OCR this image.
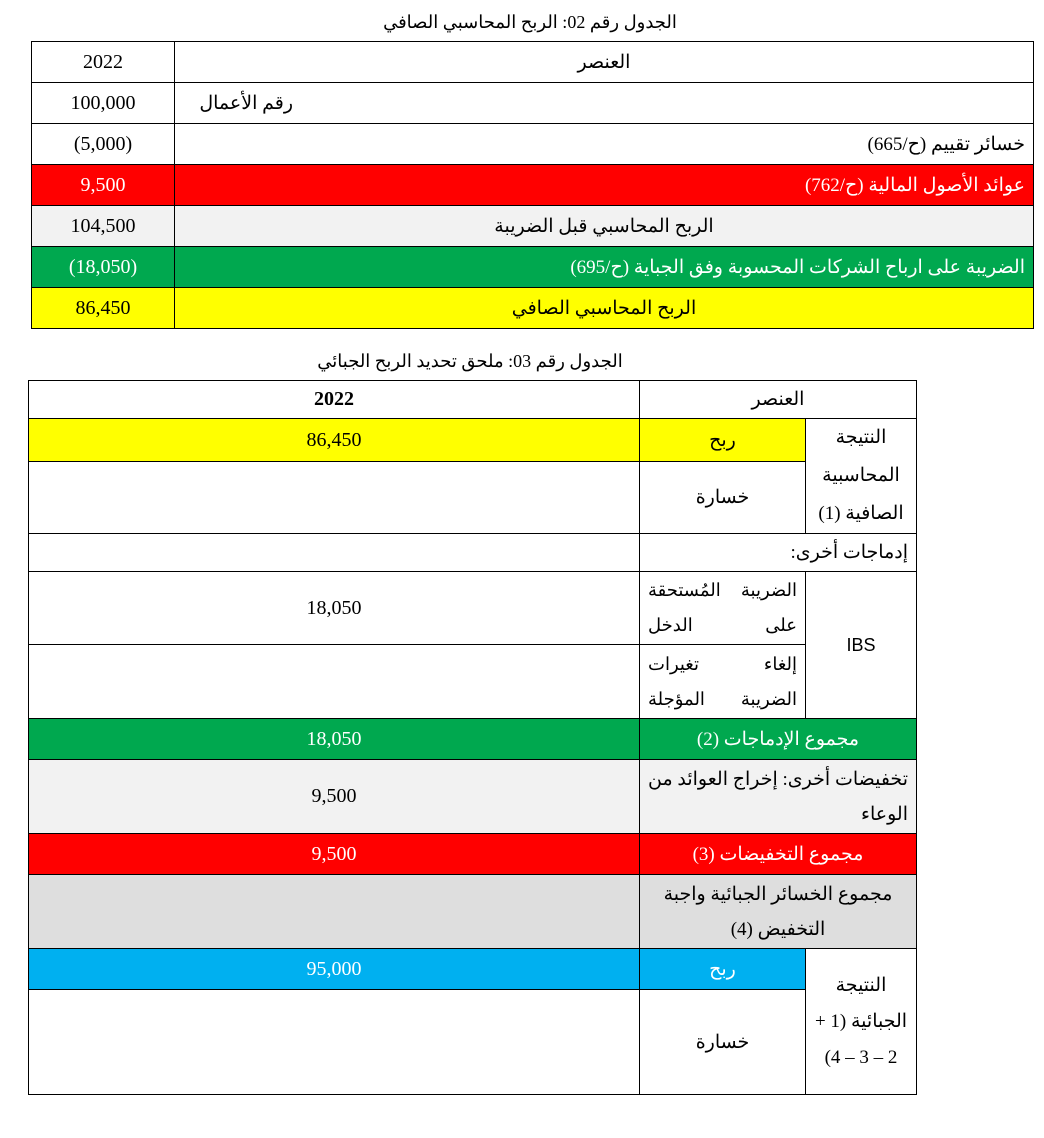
الجدول رقم 02: الربح المحاسبي الصافي
2022	العنصر
100,000	رقم الأعمال
(5,000)	خسائر تقييم (ح/665)
9,500	عوائد الأصول المالية (ح/762)
104,500	الربح المحاسبي قبل الضريبة
(18,050)	الضريبة على ارباح الشركات المحسوبة وفق الجباية (ح/695)
86,450	الربح المحاسبي الصافي
الجدول رقم 03: ملحق تحديد الربح الجبائي
العنصر		2022
النتيجة المحاسبية الصافية (1)	ربح	86,450
	خسارة	
إدماجات أخرى:		
IBS	الضريبة المُستحقة على الدخل	18,050
	إلغاء تغيرات الضريبة المؤجلة	
مجموع الإدماجات (2)		18,050
تخفيضات أخرى: إخراج العوائد من الوعاء		9,500
مجموع التخفيضات (3)		9,500
مجموع الخسائر الجبائية واجبة التخفيض (4)		
النتيجة الجبائية (1 + 2 – 3 – 4)	ربح	95,000
	خسارة	
